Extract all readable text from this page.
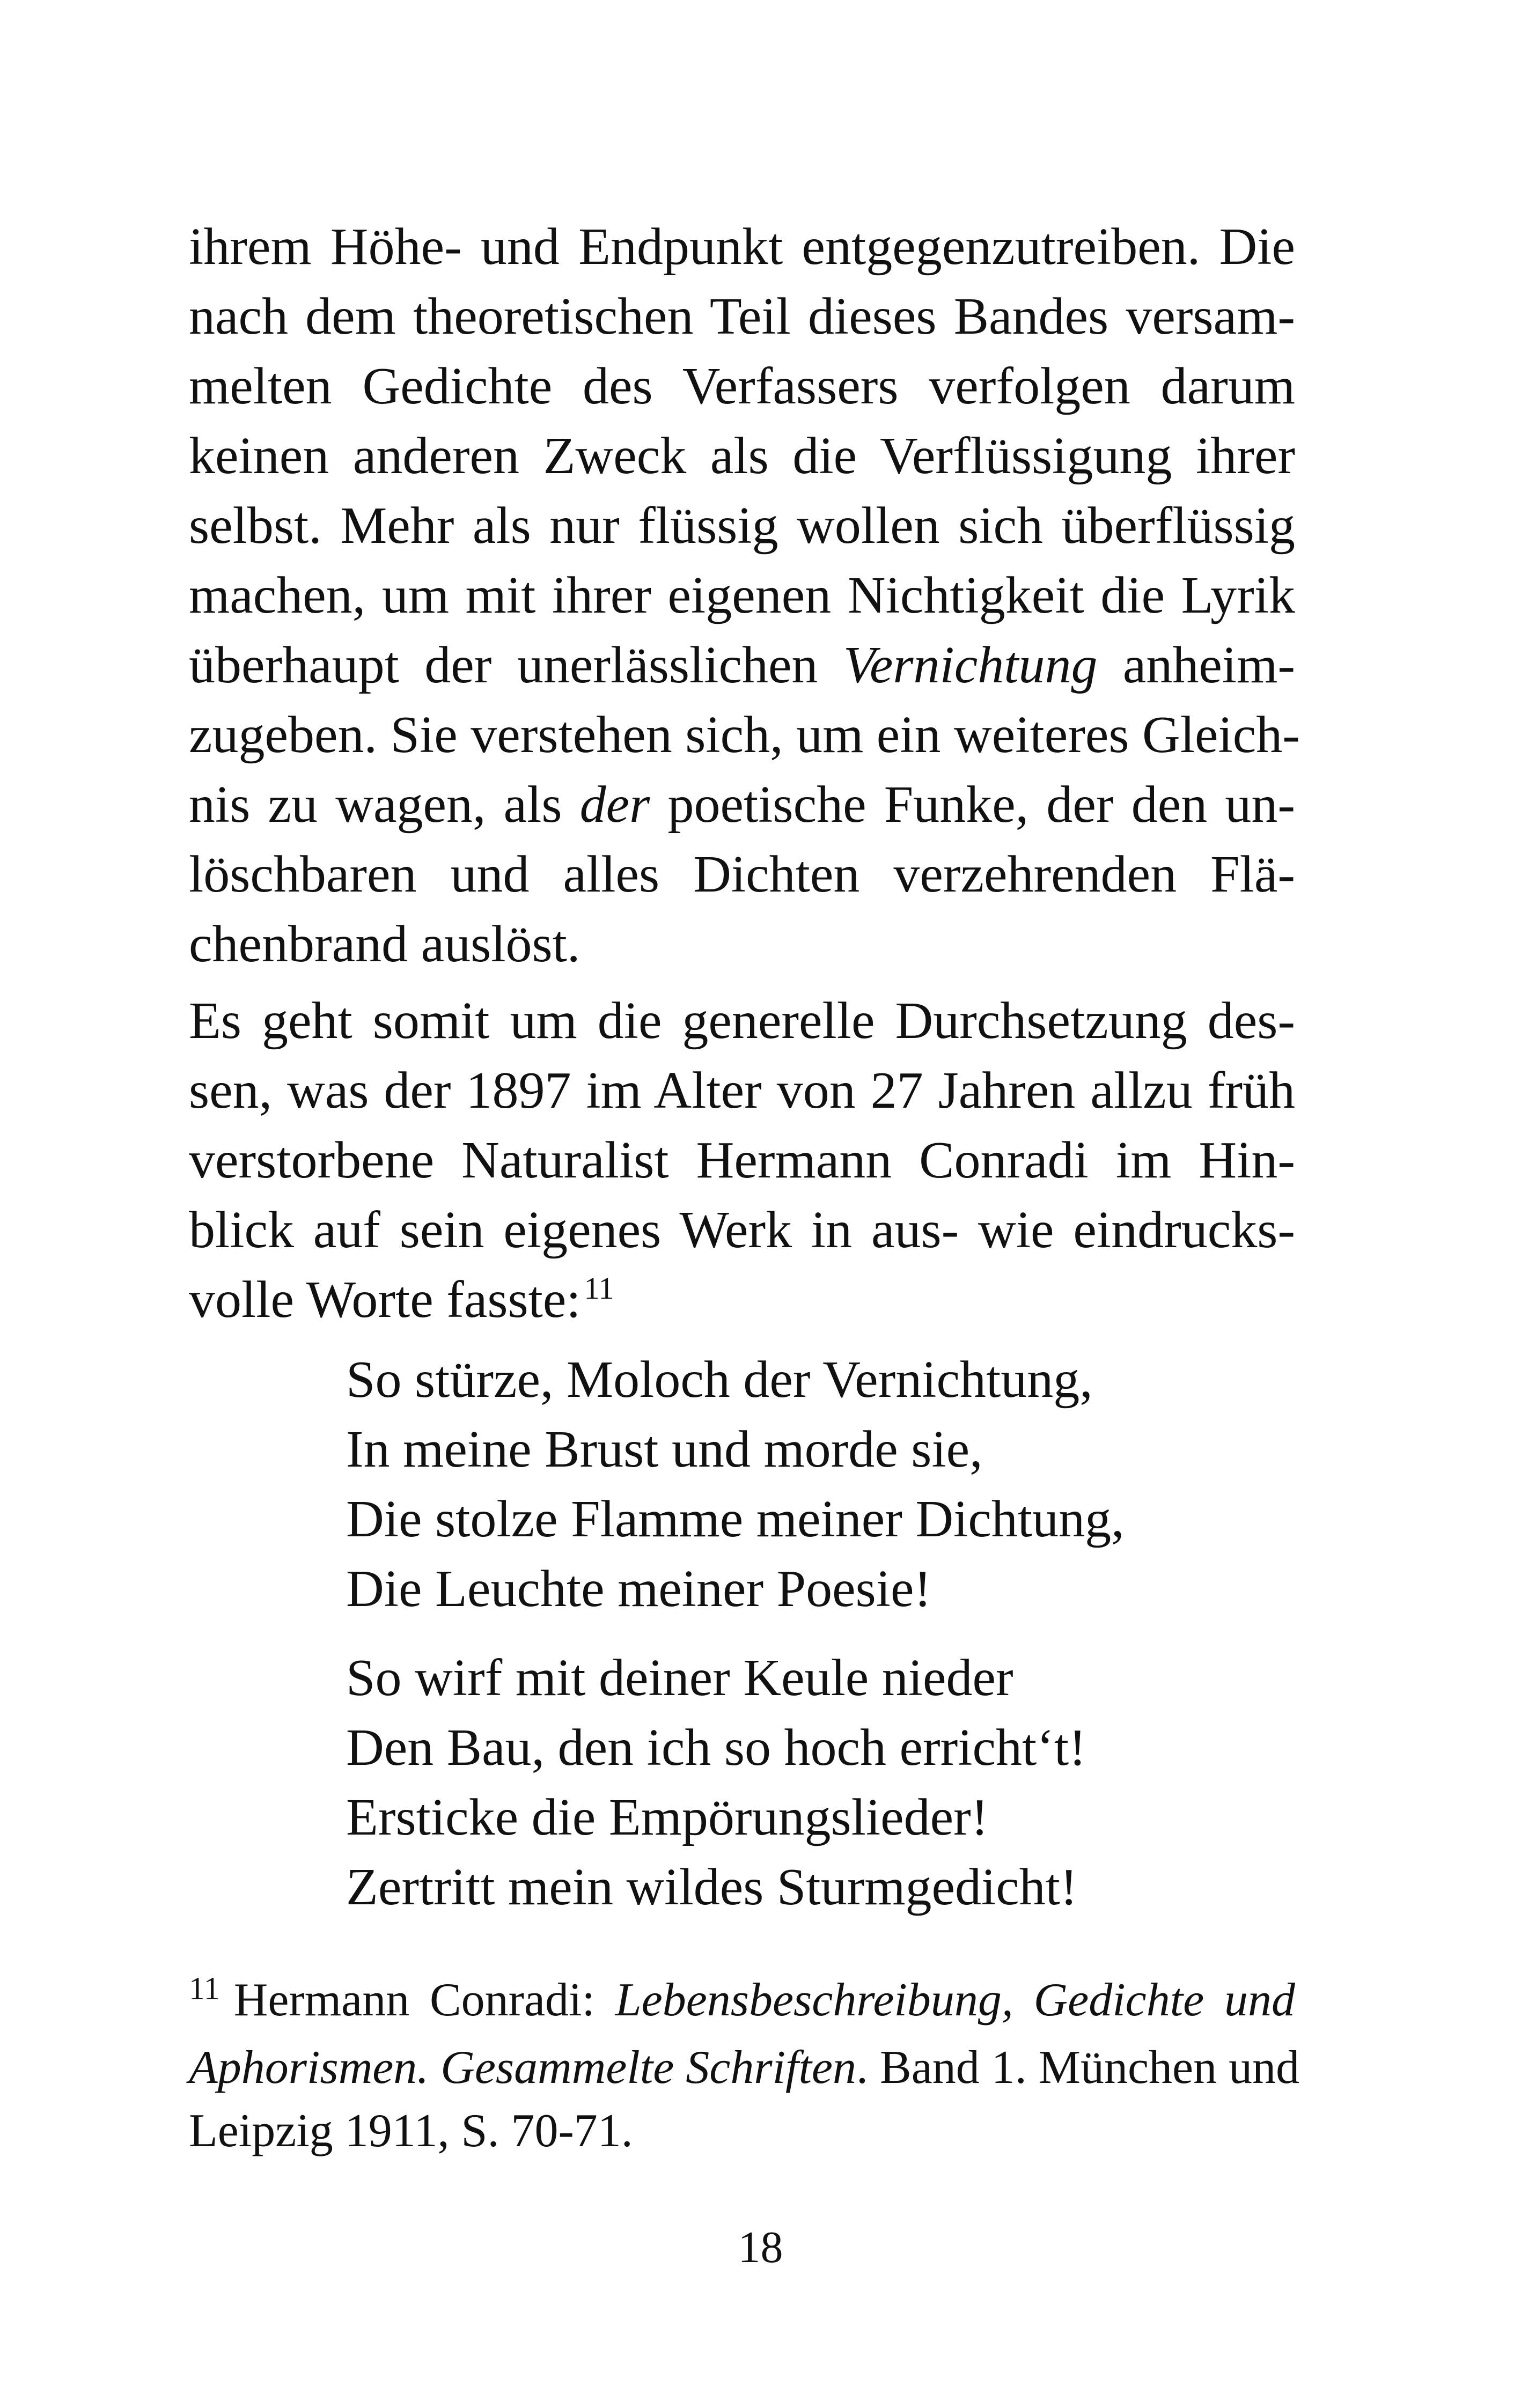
ihrem Höhe- und Endpunkt entgegenzutreiben. Die
nach dem theoretischen Teil dieses Bandes versam-
melten Gedichte des Verfassers verfolgen darum
keinen anderen Zweck als die Verflüssigung ihrer
selbst. Mehr als nur flüssig wollen sich überflüssig
machen, um mit ihrer eigenen Nichtigkeit die Lyrik
überhaupt der unerlässlichen Vernichtung anheim-
zugeben. Sie verstehen sich, um ein weiteres Gleich-
nis zu wagen, als der poetische Funke, der den un-
löschbaren und alles Dichten verzehrenden Flä-
chenbrand auslöst.

Es geht somit um die generelle Durchsetzung des-
sen, was der 1897 im Alter von 27 Jahren allzu früh
verstorbene Naturalist Hermann Conradi im Hin-
blick auf sein eigenes Werk in aus- wie eindrucks-
volle Worte fasste: $^{11}$

So stürze, Moloch der Vernichtung,
In meine Brust und morde sie,
Die stolze Flamme meiner Dichtung,
Die Leuchte meiner Poesie!
So wirf mit deiner Keule nieder
Den Bau, den ich so hoch erricht‘t!
Ersticke die Empörungslieder!
Zertritt mein wildes Sturmgedicht!
$^{11}$ Hermann Conradi: Lebensbeschreibung, Gedichte und
Aphorismen. Gesammelte Schriften. Band 1. München und
Leipzig 1911, S. 70-71.
18
